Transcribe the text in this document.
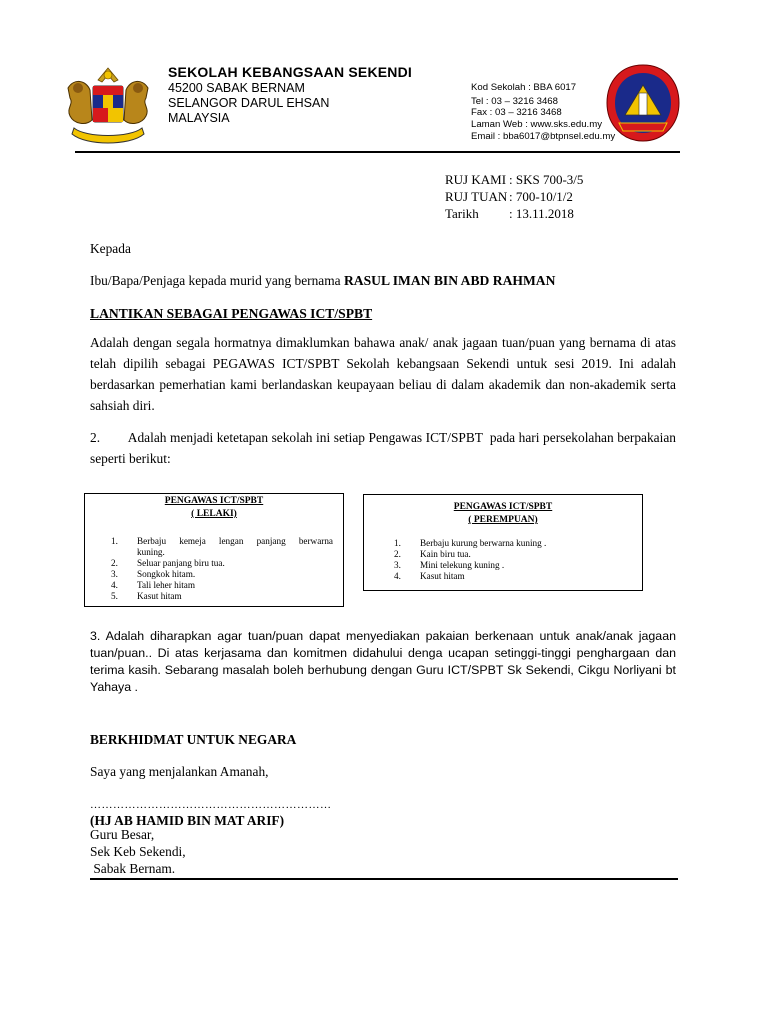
SEKOLAH KEBANGSAAN SEKENDI
45200 SABAK BERNAM
SELANGOR DARUL EHSAN
MALAYSIA
Kod Sekolah : BBA 6017
Tel : 03 – 3216 3468
Fax : 03 – 3216 3468
Laman Web : www.sks.edu.my
Email : bba6017@btpnsel.edu.my
RUJ KAMI : SKS 700-3/5
RUJ TUAN : 700-10/1/2
Tarikh : 13.11.2018
Kepada
Ibu/Bapa/Penjaga kepada murid yang bernama RASUL IMAN BIN ABD RAHMAN
LANTIKAN SEBAGAI PENGAWAS ICT/SPBT
Adalah dengan segala hormatnya dimaklumkan bahawa anak/ anak jagaan tuan/puan yang bernama di atas telah dipilih sebagai PEGAWAS ICT/SPBT Sekolah kebangsaan Sekendi untuk sesi 2019. Ini adalah berdasarkan pemerhatian kami berlandaskan keupayaan beliau di dalam akademik dan non-akademik serta sahsiah diri.
2.        Adalah menjadi ketetapan sekolah ini setiap Pengawas ICT/SPBT  pada hari persekolahan berpakaian seperti berikut:
PENGAWAS ICT/SPBT
( LELAKI)
1. Berbaju kemeja lengan panjang berwarna
kuning.
2. Seluar panjang biru tua.
3. Songkok hitam.
4. Tali leher hitam
5. Kasut hitam
PENGAWAS ICT/SPBT
( PEREMPUAN)
1. Berbaju kurung berwarna kuning .
2. Kain biru tua.
3. Mini telekung kuning .
4. Kasut hitam
3. Adalah diharapkan agar tuan/puan dapat menyediakan pakaian berkenaan untuk anak/anak jagaan tuan/puan.. Di atas kerjasama dan komitmen didahului denga ucapan setinggi-tinggi penghargaan dan terima kasih. Sebarang masalah boleh berhubung dengan Guru ICT/SPBT Sk Sekendi, Cikgu Norliyani bt Yahaya .
BERKHIDMAT UNTUK NEGARA
Saya yang menjalankan Amanah,
………………………………………………………
(HJ AB HAMID BIN MAT ARIF)
Guru Besar,
Sek Keb Sekendi,
Sabak Bernam.
